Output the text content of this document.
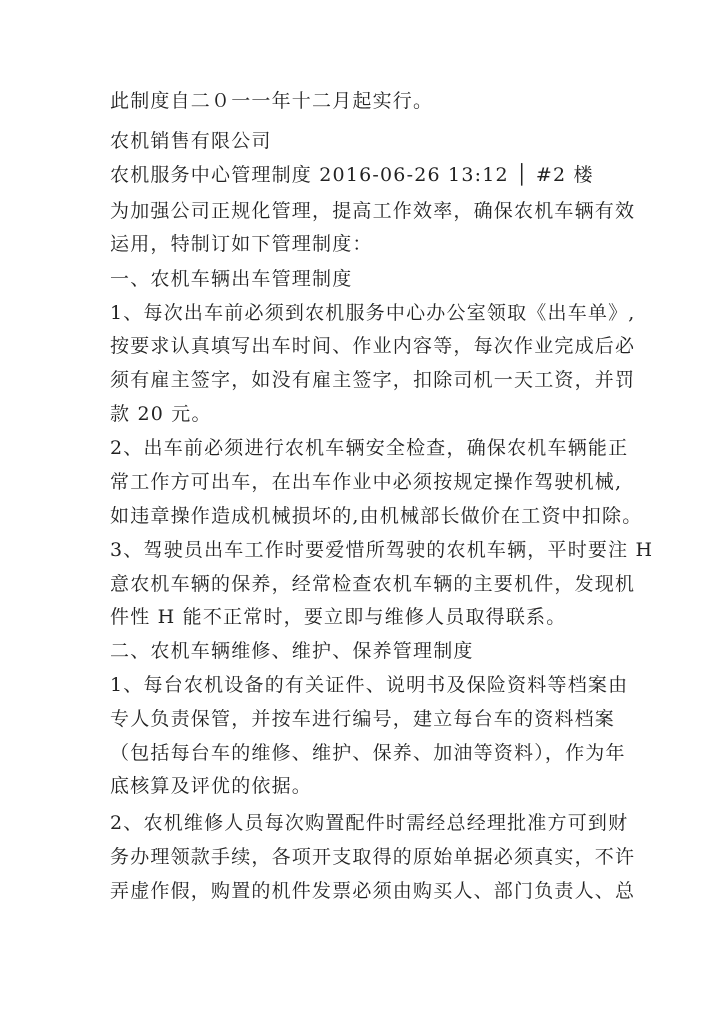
此制度自二０一一年十二月起实行。
农机销售有限公司
农机服务中心管理制度 2016-06-26 13:12 │ #2 楼
为加强公司正规化管理，提高工作效率，确保农机车辆有效
运用，特制订如下管理制度：
一、农机车辆出车管理制度
1、每次出车前必须到农机服务中心办公室领取《出车单》,
按要求认真填写出车时间、作业内容等，每次作业完成后必
须有雇主签字，如没有雇主签字，扣除司机一天工资，并罚
款 20 元。
2、出车前必须进行农机车辆安全检查，确保农机车辆能正
常工作方可出车，在出车作业中必须按规定操作驾驶机械,
如违章操作造成机械损坏的,由机械部长做价在工资中扣除。
3、驾驶员出车工作时要爱惜所驾驶的农机车辆，平时要注 H
意农机车辆的保养，经常检查农机车辆的主要机件，发现机
件性 H 能不正常时，要立即与维修人员取得联系。
二、农机车辆维修、维护、保养管理制度
1、每台农机设备的有关证件、说明书及保险资料等档案由
专人负责保管，并按车进行编号，建立每台车的资料档案
（包括每台车的维修、维护、保养、加油等资料），作为年
底核算及评优的依据。
2、农机维修人员每次购置配件时需经总经理批准方可到财
务办理领款手续，各项开支取得的原始单据必须真实，不许
弄虚作假，购置的机件发票必须由购买人、部门负责人、总
